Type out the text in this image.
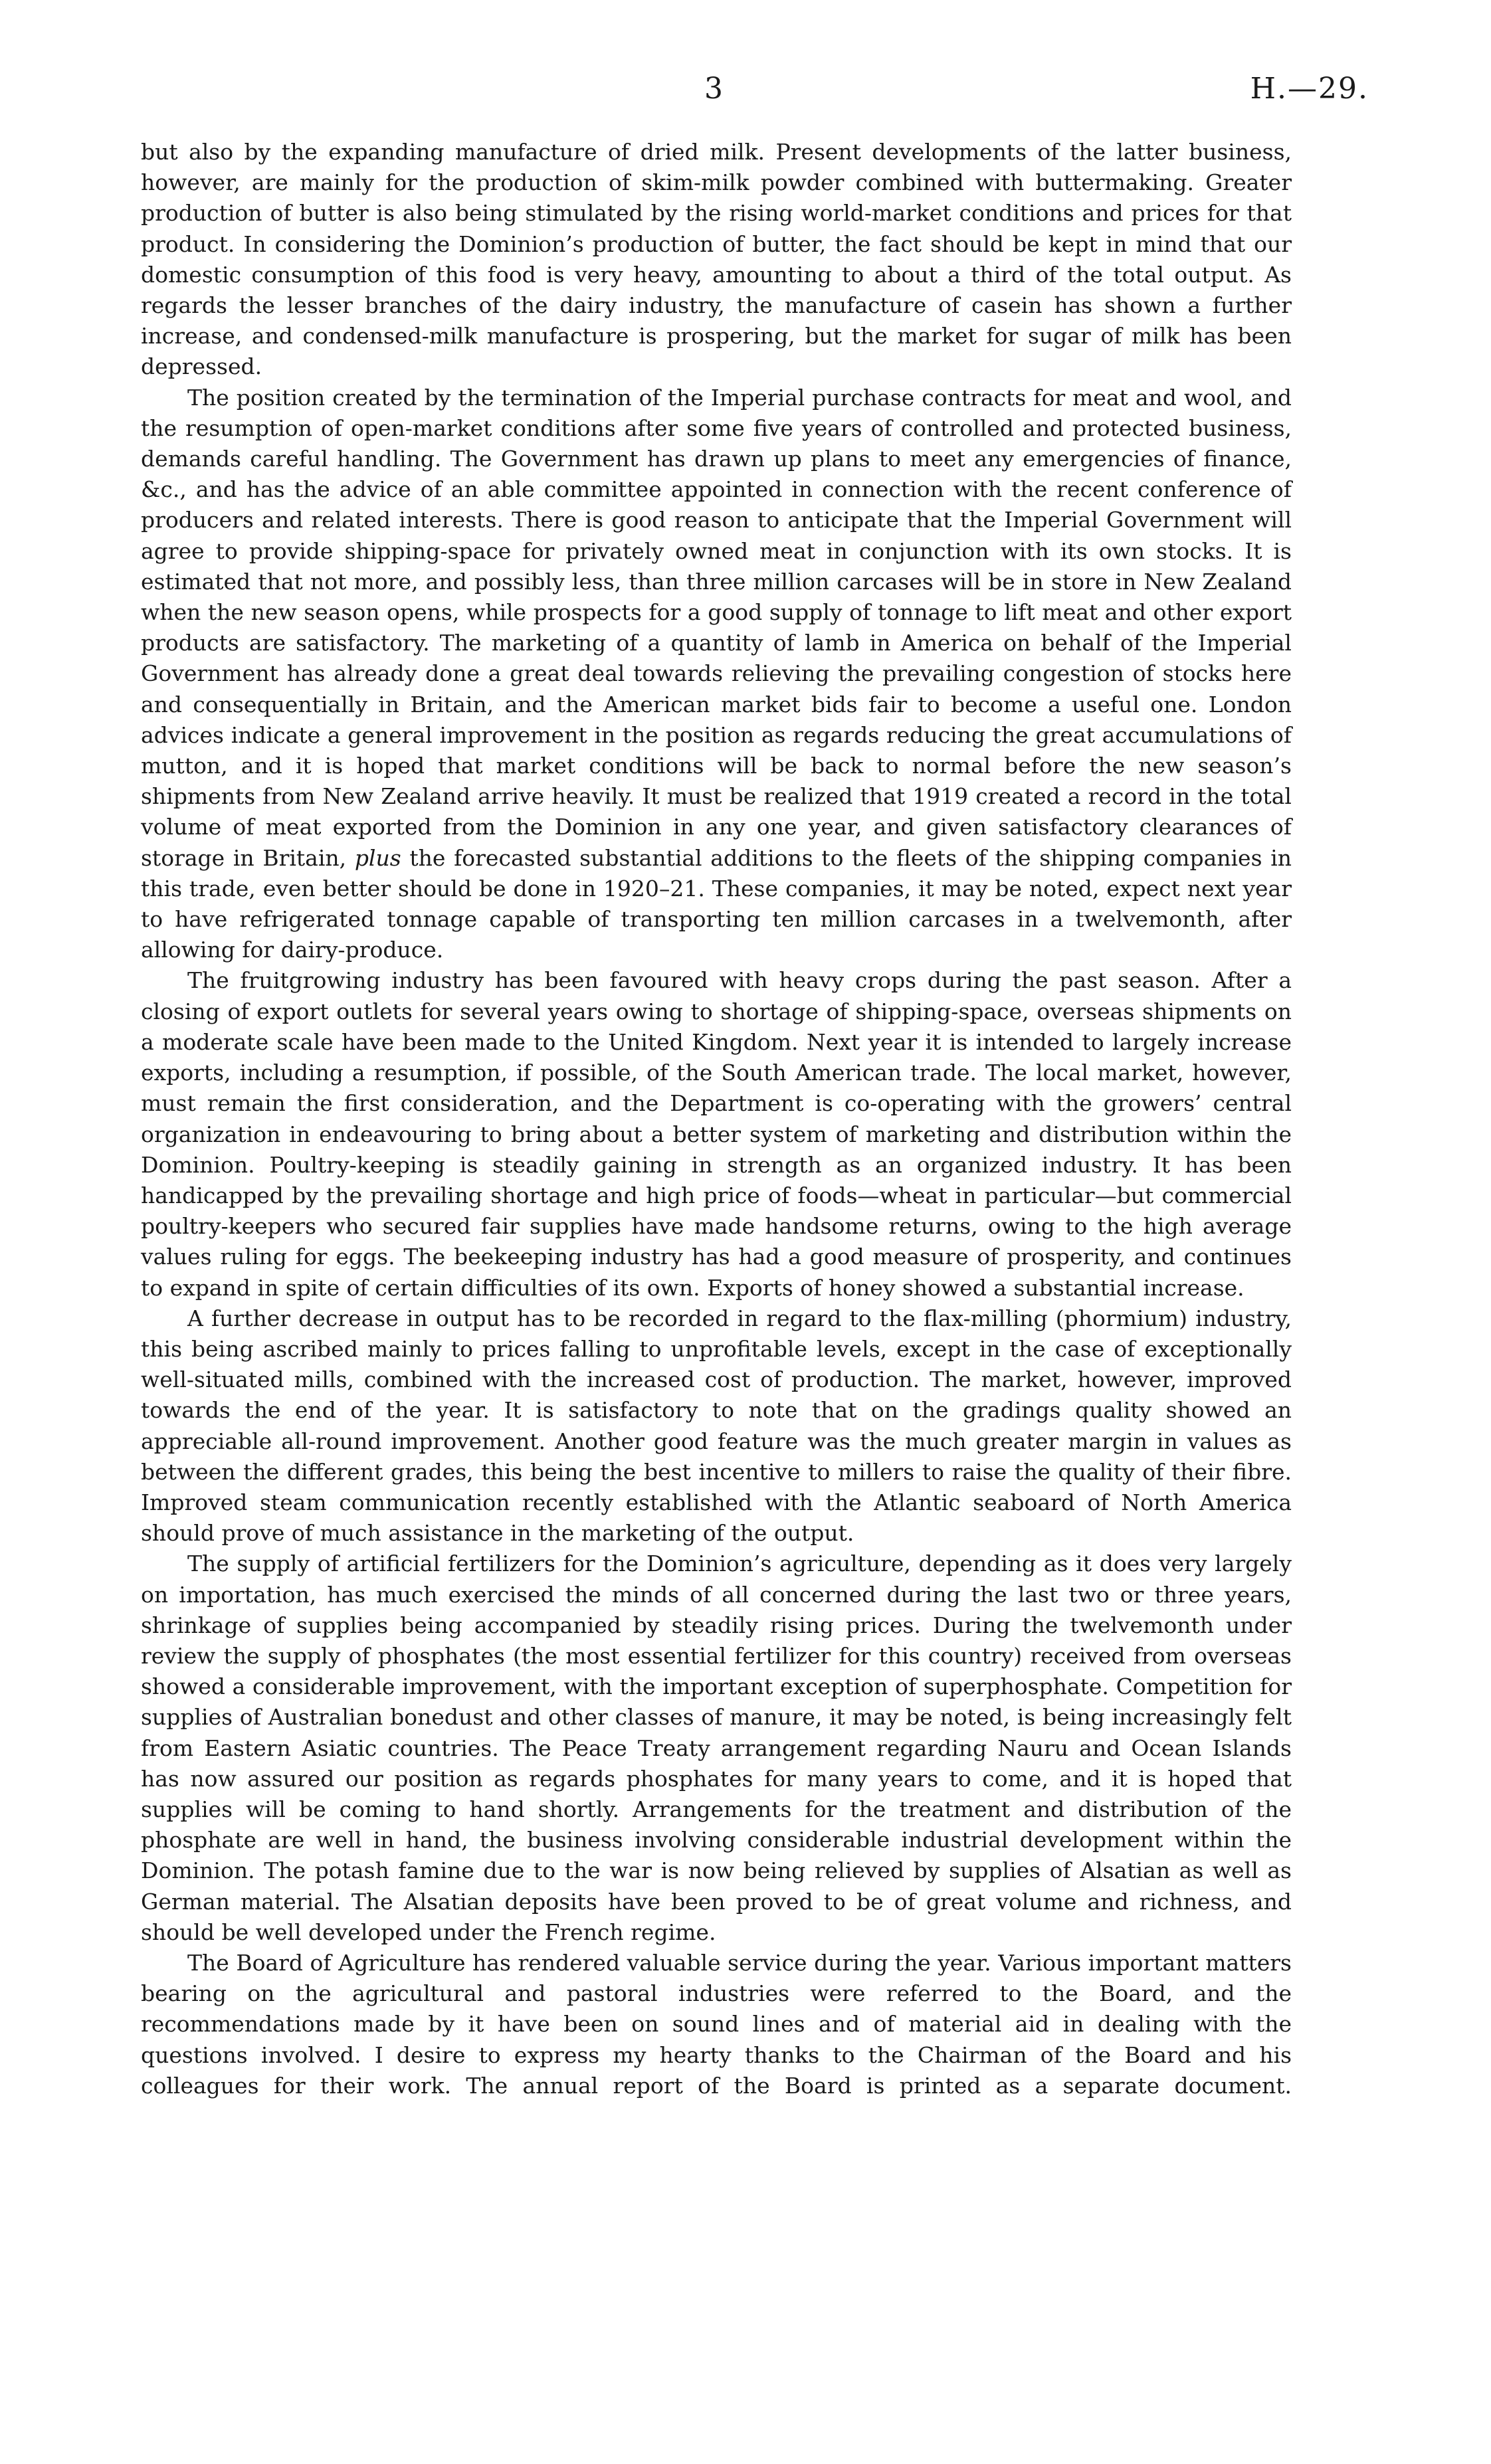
3	H.—29.

but also by the expanding manufacture of dried milk. Present developments of the latter business, however, are mainly for the production of skim-milk powder combined with buttermaking. Greater production of butter is also being stimulated by the rising world-market conditions and prices for that product. In considering the Dominion’s production of butter, the fact should be kept in mind that our domestic consumption of this food is very heavy, amounting to about a third of the total output. As regards the lesser branches of the dairy industry, the manufacture of casein has shown a further increase, and condensed-milk manufacture is prospering, but the market for sugar of milk has been depressed.

The position created by the termination of the Imperial purchase contracts for meat and wool, and the resumption of open-market conditions after some five years of controlled and protected business, demands careful handling. The Government has drawn up plans to meet any emergencies of finance, &c., and has the advice of an able committee appointed in connection with the recent conference of producers and related interests. There is good reason to anticipate that the Imperial Government will agree to provide shipping-space for privately owned meat in conjunction with its own stocks. It is estimated that not more, and possibly less, than three million carcases will be in store in New Zealand when the new season opens, while prospects for a good supply of tonnage to lift meat and other export products are satisfactory. The marketing of a quantity of lamb in America on behalf of the Imperial Government has already done a great deal towards relieving the prevailing congestion of stocks here and consequentially in Britain, and the American market bids fair to become a useful one. London advices indicate a general improvement in the position as regards reducing the great accumulations of mutton, and it is hoped that market conditions will be back to normal before the new season’s shipments from New Zealand arrive heavily. It must be realized that 1919 created a record in the total volume of meat exported from the Dominion in any one year, and given satisfactory clearances of storage in Britain, plus the forecasted substantial additions to the fleets of the shipping companies in this trade, even better should be done in 1920–21. These companies, it may be noted, expect next year to have refrigerated tonnage capable of transporting ten million carcases in a twelvemonth, after allowing for dairy-produce.

The fruitgrowing industry has been favoured with heavy crops during the past season. After a closing of export outlets for several years owing to shortage of shipping-space, overseas shipments on a moderate scale have been made to the United Kingdom. Next year it is intended to largely increase exports, including a resumption, if possible, of the South American trade. The local market, however, must remain the first consideration, and the Department is co-operating with the growers’ central organization in endeavouring to bring about a better system of marketing and distribution within the Dominion. Poultry-keeping is steadily gaining in strength as an organized industry. It has been handicapped by the prevailing shortage and high price of foods—wheat in particular—but commercial poultry-keepers who secured fair supplies have made handsome returns, owing to the high average values ruling for eggs. The beekeeping industry has had a good measure of prosperity, and continues to expand in spite of certain difficulties of its own. Exports of honey showed a substantial increase.

A further decrease in output has to be recorded in regard to the flax-milling (phormium) industry, this being ascribed mainly to prices falling to unprofitable levels, except in the case of exceptionally well-situated mills, combined with the increased cost of production. The market, however, improved towards the end of the year. It is satisfactory to note that on the gradings quality showed an appreciable all-round improvement. Another good feature was the much greater margin in values as between the different grades, this being the best incentive to millers to raise the quality of their fibre. Improved steam communication recently established with the Atlantic seaboard of North America should prove of much assistance in the marketing of the output.

The supply of artificial fertilizers for the Dominion’s agriculture, depending as it does very largely on importation, has much exercised the minds of all concerned during the last two or three years, shrinkage of supplies being accompanied by steadily rising prices. During the twelvemonth under review the supply of phosphates (the most essential fertilizer for this country) received from overseas showed a considerable improvement, with the important exception of superphosphate. Competition for supplies of Australian bonedust and other classes of manure, it may be noted, is being increasingly felt from Eastern Asiatic countries. The Peace Treaty arrangement regarding Nauru and Ocean Islands has now assured our position as regards phosphates for many years to come, and it is hoped that supplies will be coming to hand shortly. Arrangements for the treatment and distribution of the phosphate are well in hand, the business involving considerable industrial development within the Dominion. The potash famine due to the war is now being relieved by supplies of Alsatian as well as German material. The Alsatian deposits have been proved to be of great volume and richness, and should be well developed under the French regime.

The Board of Agriculture has rendered valuable service during the year. Various important matters bearing on the agricultural and pastoral industries were referred to the Board, and the recommendations made by it have been on sound lines and of material aid in dealing with the questions involved. I desire to express my hearty thanks to the Chairman of the Board and his colleagues for their work. The annual report of the Board is printed as a separate document.
